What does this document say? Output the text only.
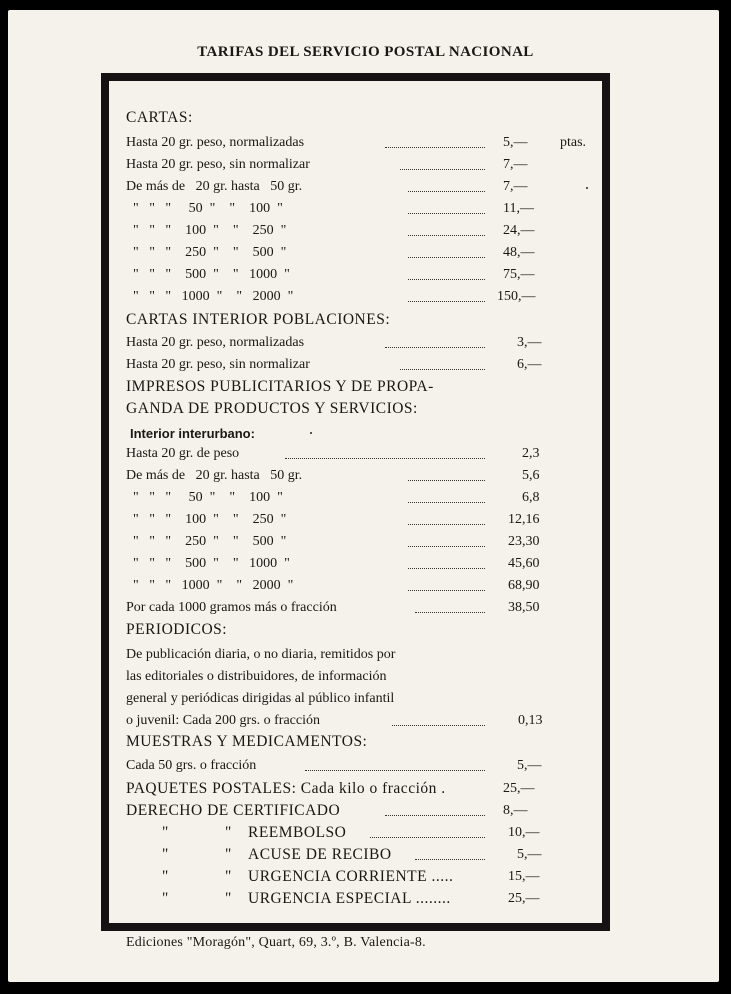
TARIFAS DEL SERVICIO POSTAL NACIONAL
CARTAS:
Hasta 20 gr. peso, normalizadas	5,— ptas.
Hasta 20 gr. peso, sin normalizar	7,—
De más de   20 gr. hasta   50 gr.	7,—
"   "   "     50  "    "    100  "	11,—
"   "   "    100  "    "    250  "	24,—
"   "   "    250  "    "    500  "	48,—
"   "   "    500  "    "   1000  "	75,—
"   "   "   1000  "    "   2000  "	150,—
CARTAS INTERIOR POBLACIONES:
Hasta 20 gr. peso, normalizadas	3,—
Hasta 20 gr. peso, sin normalizar	6,—
IMPRESOS PUBLICITARIOS Y DE PROPA-
GANDA DE PRODUCTOS Y SERVICIOS:
Interior interurbano:
Hasta 20 gr. de peso	2,3
De más de   20 gr. hasta   50 gr.	5,6
"   "   "     50  "    "    100  "	6,8
"   "   "    100  "    "    250  "	12,16
"   "   "    250  "    "    500  "	23,30
"   "   "    500  "    "   1000  "	45,60
"   "   "   1000  "    "   2000  "	68,90
Por cada 1000 gramos más o fracción	38,50
PERIODICOS:
De publicación diaria, o no diaria, remitidos por
las editoriales o distribuidores, de información
general y periódicas dirigidas al público infantil
o juvenil: Cada 200 grs. o fracción	0,13
MUESTRAS Y MEDICAMENTOS:
Cada 50 grs. o fracción	5,—
PAQUETES POSTALES: Cada kilo o fracción .	25,—
DERECHO DE CERTIFICADO	8,—
"	" REEMBOLSO	10,—
"	" ACUSE DE RECIBO	5,—
"	" URGENCIA CORRIENTE .....	15,—
"	" URGENCIA ESPECIAL ........	25,—
Ediciones "Moragón", Quart, 69, 3.º, B. Valencia-8.
